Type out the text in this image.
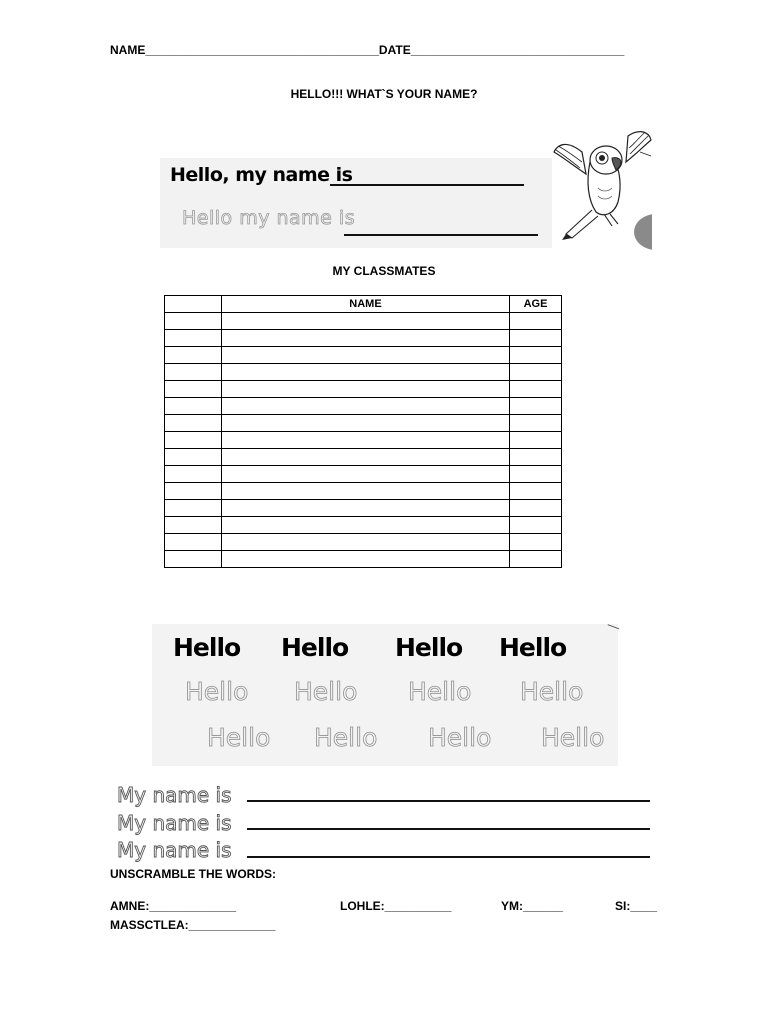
NAME___________________________________DATE________________________________
HELLO!!! WHAT`S YOUR NAME?
Hello, my name is
Hello my name is
MY CLASSMATES
	NAME	AGE

Hello Hello Hello Hello
Hello Hello Hello Hello
Hello Hello Hello Hello
My name is
My name is
My name is
UNSCRAMBLE THE WORDS:
AMNE:_____________	LOHLE:__________	YM:______	SI:____
MASSCTLEA:_____________
